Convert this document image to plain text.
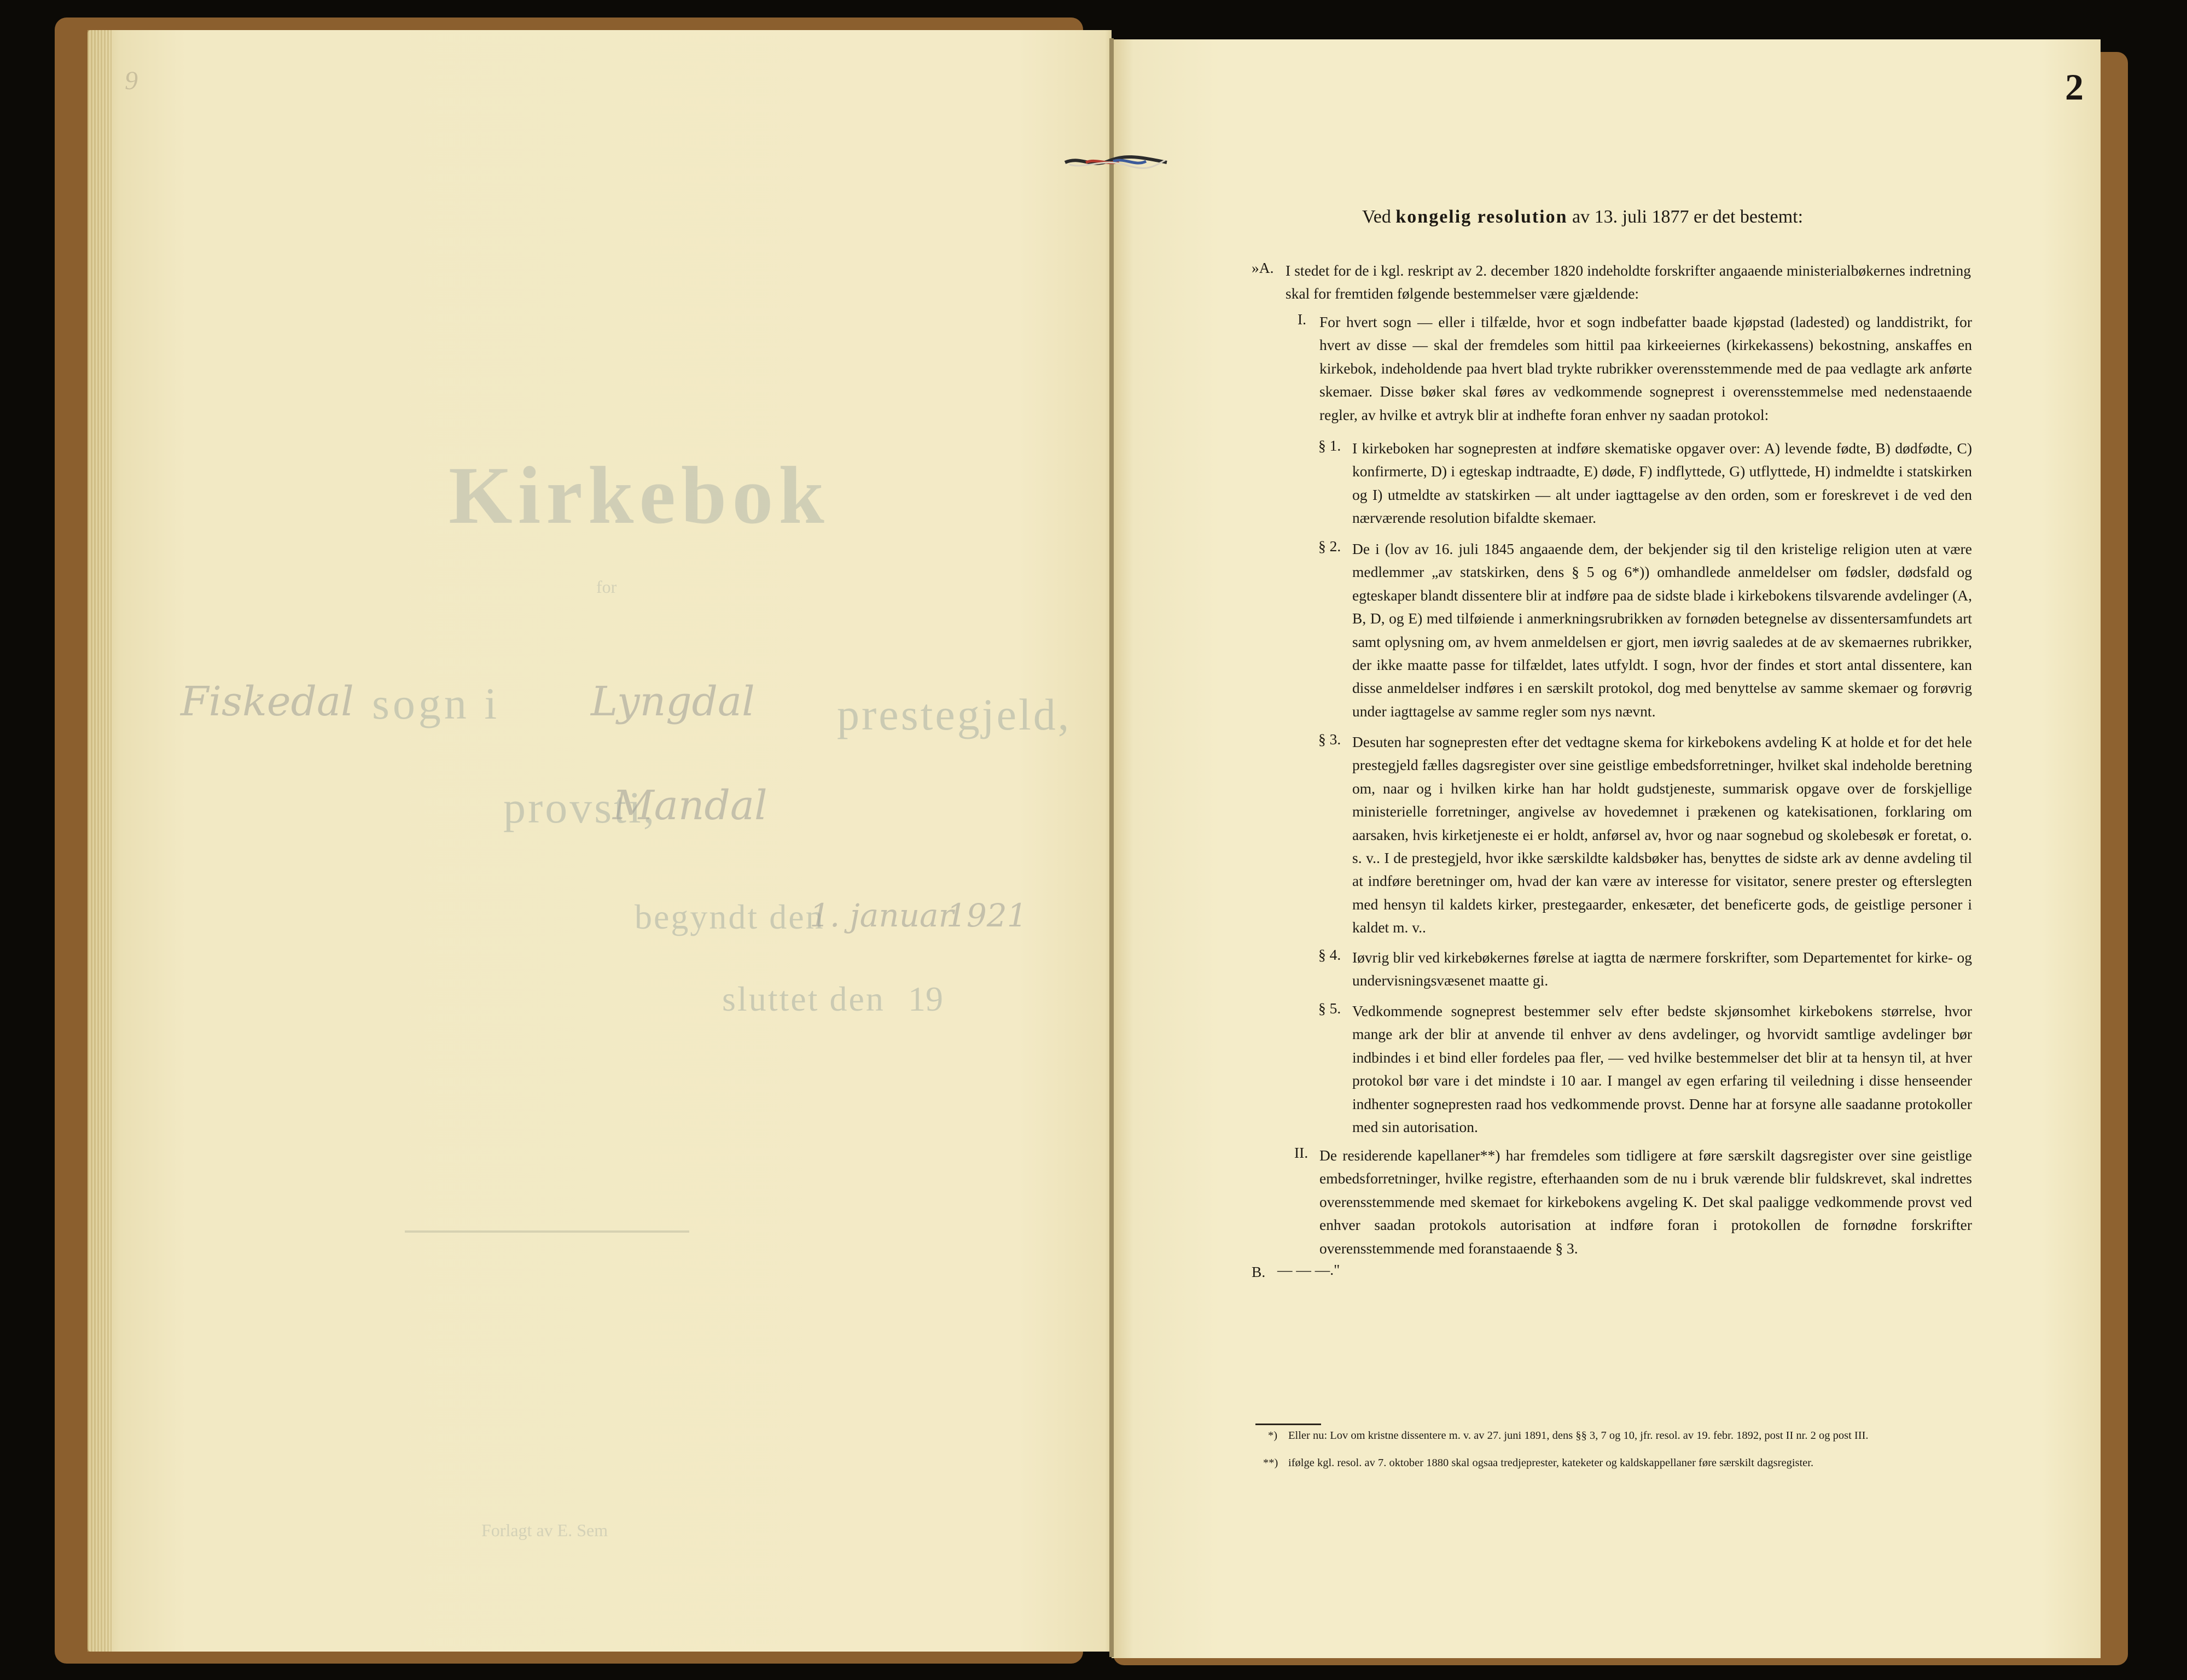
9
Kirkebok
for
sogn i	prestegjeld,
provsti,
begyndt den
sluttet den 19
Forlagt av E. Sem
Fiskedal	Lyngdal
Mandal
1. januar
1921
2
Ved kongelig resolution av 13. juli 1877 er det bestemt:
»A. I stedet for de i kgl. reskript av 2. december 1820 indeholdte forskrifter angaaende ministerialbøkernes indretning skal for fremtiden følgende bestemmelser være gjældende:
I. For hvert sogn — eller i tilfælde, hvor et sogn indbefatter baade kjøpstad (ladested) og landdistrikt, for hvert av disse — skal der fremdeles som hittil paa kirkeeiernes (kirkekassens) bekostning, anskaffes en kirkebok, indeholdende paa hvert blad trykte rubrikker overensstemmende med de paa vedlagte ark anførte skemaer. Disse bøker skal føres av vedkommende sogneprest i overensstemmelse med nedenstaaende regler, av hvilke et avtryk blir at indhefte foran enhver ny saadan protokol:
§ 1. I kirkeboken har sognepresten at indføre skematiske opgaver over: A) levende fødte, B) dødfødte, C) konfirmerte, D) i egteskap indtraadte, E) døde, F) indflyttede, G) utflyttede, H) indmeldte i statskirken og I) utmeldte av statskirken — alt under iagttagelse av den orden, som er foreskrevet i de ved den nærværende resolution bifaldte skemaer.
§ 2. De i (lov av 16. juli 1845 angaaende dem, der bekjender sig til den kristelige religion uten at være medlemmer „av statskirken, dens § 5 og 6*)) omhandlede anmeldelser om fødsler, dødsfald og egteskaper blandt dissentere blir at indføre paa de sidste blade i kirkebokens tilsvarende avdelinger (A, B, D, og E) med tilføiende i anmerkningsrubrikken av fornøden betegnelse av dissentersamfundets art samt oplysning om, av hvem anmeldelsen er gjort, men iøvrig saaledes at de av skemaernes rubrikker, der ikke maatte passe for tilfældet, lates utfyldt. I sogn, hvor der findes et stort antal dissentere, kan disse anmeldelser indføres i en særskilt protokol, dog med benyttelse av samme skemaer og forøvrig under iagttagelse av samme regler som nys nævnt.
§ 3. Desuten har sognepresten efter det vedtagne skema for kirkebokens avdeling K at holde et for det hele prestegjeld fælles dagsregister over sine geistlige embedsforretninger, hvilket skal indeholde beretning om, naar og i hvilken kirke han har holdt gudstjeneste, summarisk opgave over de forskjellige ministerielle forretninger, angivelse av hovedemnet i prækenen og katekisationen, forklaring om aarsaken, hvis kirketjeneste ei er holdt, anførsel av, hvor og naar sognebud og skolebesøk er foretat, o. s. v.. I de prestegjeld, hvor ikke særskildte kaldsbøker has, benyttes de sidste ark av denne avdeling til at indføre beretninger om, hvad der kan være av interesse for visitator, senere prester og efterslegten med hensyn til kaldets kirker, prestegaarder, enkesæter, det beneficerte gods, de geistlige personer i kaldet m. v..
§ 4. Iøvrig blir ved kirkebøkernes førelse at iagtta de nærmere forskrifter, som Departementet for kirke- og undervisningsvæsenet maatte gi.
§ 5. Vedkommende sogneprest bestemmer selv efter bedste skjønsomhet kirkebokens størrelse, hvor mange ark der blir at anvende til enhver av dens avdelinger, og hvorvidt samtlige avdelinger bør indbindes i et bind eller fordeles paa fler, — ved hvilke bestemmelser det blir at ta hensyn til, at hver protokol bør vare i det mindste i 10 aar. I mangel av egen erfaring til veiledning i disse henseender indhenter sognepresten raad hos vedkommende provst. Denne har at forsyne alle saadanne protokoller med sin autorisation.
II. De residerende kapellaner**) har fremdeles som tidligere at føre særskilt dagsregister over sine geistlige embedsforretninger, hvilke registre, efterhaanden som de nu i bruk værende blir fuldskrevet, skal indrettes overensstemmende med skemaet for kirkebokens avgeling K. Det skal paaligge vedkommende provst ved enhver saadan protokols autorisation at indføre foran i protokollen de fornødne forskrifter overensstemmende med foranstaaende § 3.
B. — — —."
*) Eller nu: Lov om kristne dissentere m. v. av 27. juni 1891, dens §§ 3, 7 og 10, jfr. resol. av 19. febr. 1892, post II nr. 2 og post III.
**) ifølge kgl. resol. av 7. oktober 1880 skal ogsaa tredjeprester, kateketer og kaldskappellaner føre særskilt dagsregister.
